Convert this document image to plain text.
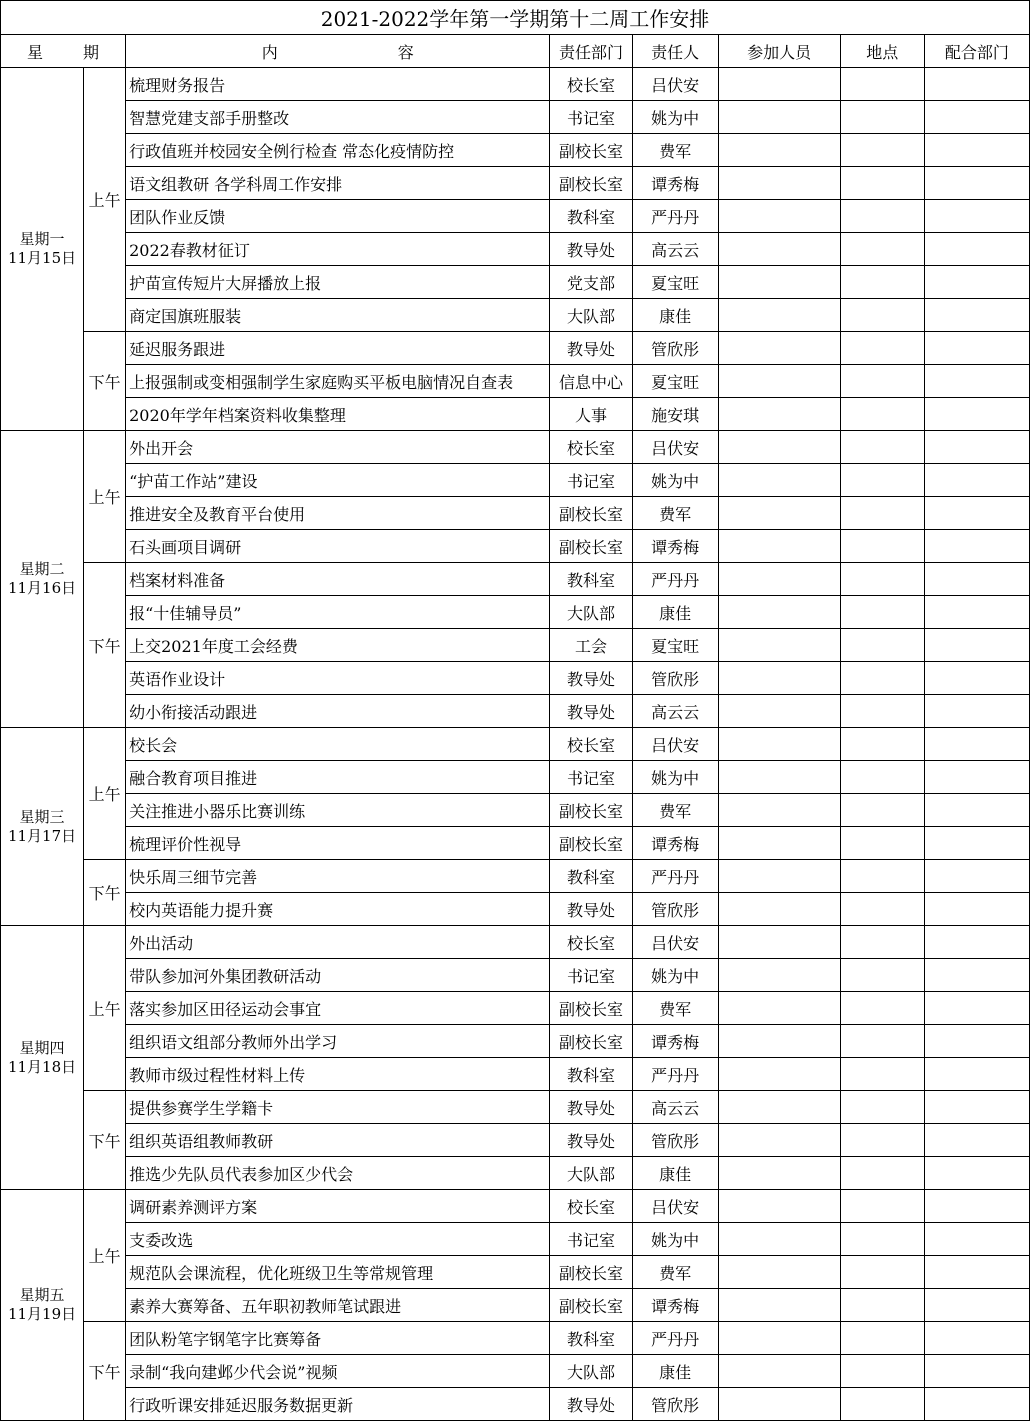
2021-2022学年第一学期第十二周工作安排							
星 期		内 容	责任部门	责任人	参加人员	地点	配合部门

星期一
11月15日	上午	梳理财务报告	校长室	吕伏安			
		智慧党建支部手册整改	书记室	姚为中			
		行政值班并校园安全例行检查 常态化疫情防控	副校长室	费军			
		语文组教研 各学科周工作安排	副校长室	谭秀梅			
		团队作业反馈	教科室	严丹丹			
		2022春教材征订	教导处	高云云			
		护苗宣传短片大屏播放上报	党支部	夏宝旺			
		商定国旗班服装	大队部	康佳			
	下午	延迟服务跟进	教导处	管欣彤			
		上报强制或变相强制学生家庭购买平板电脑情况自查表	信息中心	夏宝旺			
		2020年学年档案资料收集整理	人事	施安琪			

星期二
11月16日	上午	外出开会	校长室	吕伏安			
		“护苗工作站”建设	书记室	姚为中			
		推进安全及教育平台使用	副校长室	费军			
		石头画项目调研	副校长室	谭秀梅			
	下午	档案材料准备	教科室	严丹丹			
		报“十佳辅导员”	大队部	康佳			
		上交2021年度工会经费	工会	夏宝旺			
		英语作业设计	教导处	管欣彤			
		幼小衔接活动跟进	教导处	高云云			

星期三
11月17日	上午	校长会	校长室	吕伏安			
		融合教育项目推进	书记室	姚为中			
		关注推进小器乐比赛训练	副校长室	费军			
		梳理评价性视导	副校长室	谭秀梅			
	下午	快乐周三细节完善	教科室	严丹丹			
		校内英语能力提升赛	教导处	管欣彤			

星期四
11月18日	上午	外出活动	校长室	吕伏安			
		带队参加河外集团教研活动	书记室	姚为中			
		落实参加区田径运动会事宜	副校长室	费军			
		组织语文组部分教师外出学习	副校长室	谭秀梅			
		教师市级过程性材料上传	教科室	严丹丹			
	下午	提供参赛学生学籍卡	教导处	高云云			
		组织英语组教师教研	教导处	管欣彤			
		推选少先队员代表参加区少代会	大队部	康佳			

星期五
11月19日	上午	调研素养测评方案	校长室	吕伏安			
		支委改选	书记室	姚为中			
		规范队会课流程，优化班级卫生等常规管理	副校长室	费军			
		素养大赛筹备、五年职初教师笔试跟进	副校长室	谭秀梅			
	下午	团队粉笔字钢笔字比赛筹备	教科室	严丹丹			
		录制“我向建邺少代会说”视频	大队部	康佳			
		行政听课安排延迟服务数据更新	教导处	管欣彤			
